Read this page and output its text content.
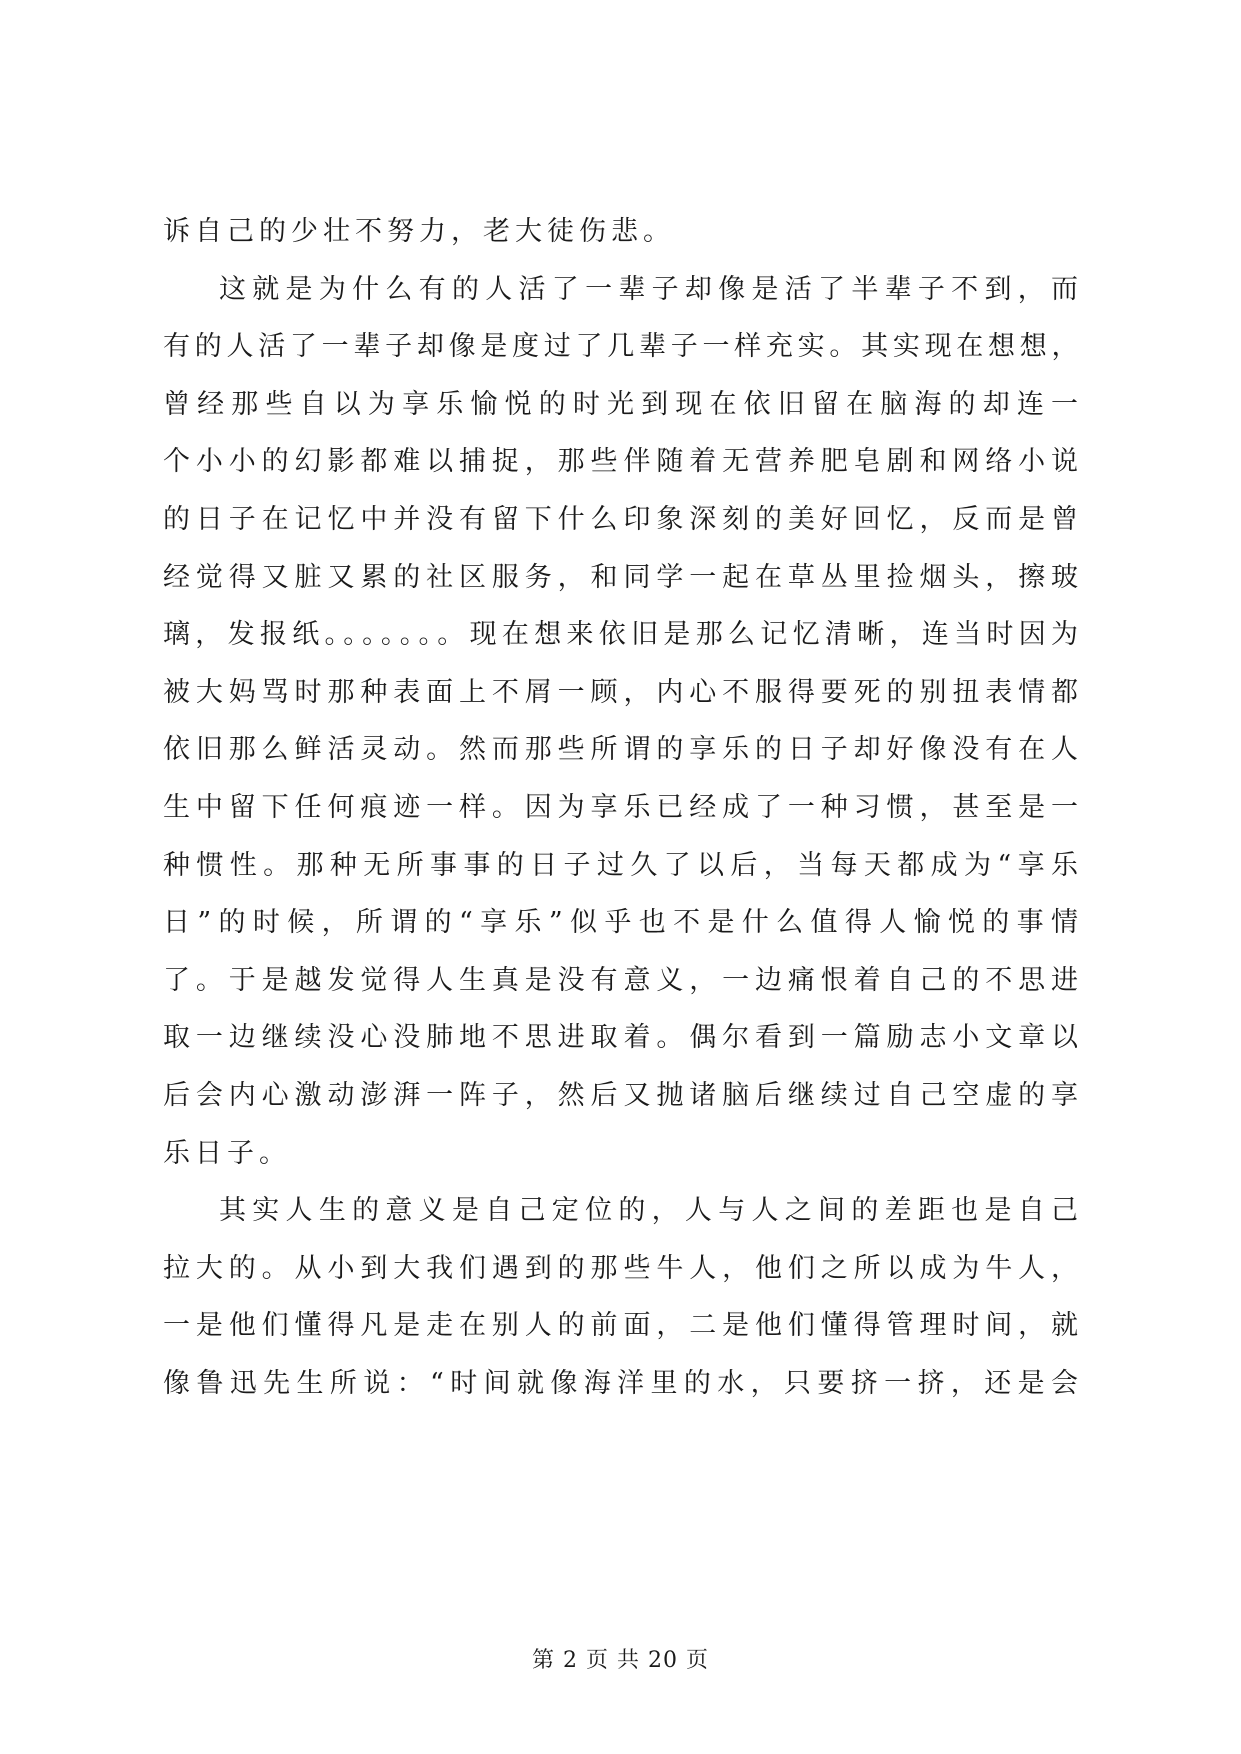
诉自己的少壮不努力，老大徒伤悲。
这就是为什么有的人活了一辈子却像是活了半辈子不到，而
有的人活了一辈子却像是度过了几辈子一样充实。其实现在想想，
曾经那些自以为享乐愉悦的时光到现在依旧留在脑海的却连一
个小小的幻影都难以捕捉，那些伴随着无营养肥皂剧和网络小说
的日子在记忆中并没有留下什么印象深刻的美好回忆，反而是曾
经觉得又脏又累的社区服务，和同学一起在草丛里捡烟头，擦玻
璃，发报纸。。。。。。。现在想来依旧是那么记忆清晰，连当时因为
被大妈骂时那种表面上不屑一顾，内心不服得要死的别扭表情都
依旧那么鲜活灵动。然而那些所谓的享乐的日子却好像没有在人
生中留下任何痕迹一样。因为享乐已经成了一种习惯，甚至是一
种惯性。那种无所事事的日子过久了以后，当每天都成为“享乐
日”的时候，所谓的“享乐”似乎也不是什么值得人愉悦的事情
了。于是越发觉得人生真是没有意义，一边痛恨着自己的不思进
取一边继续没心没肺地不思进取着。偶尔看到一篇励志小文章以
后会内心激动澎湃一阵子，然后又抛诸脑后继续过自己空虚的享
乐日子。
其实人生的意义是自己定位的，人与人之间的差距也是自己
拉大的。从小到大我们遇到的那些牛人，他们之所以成为牛人，
一是他们懂得凡是走在别人的前面，二是他们懂得管理时间，就
像鲁迅先生所说：“时间就像海洋里的水，只要挤一挤，还是会
第 2 页 共 20 页
